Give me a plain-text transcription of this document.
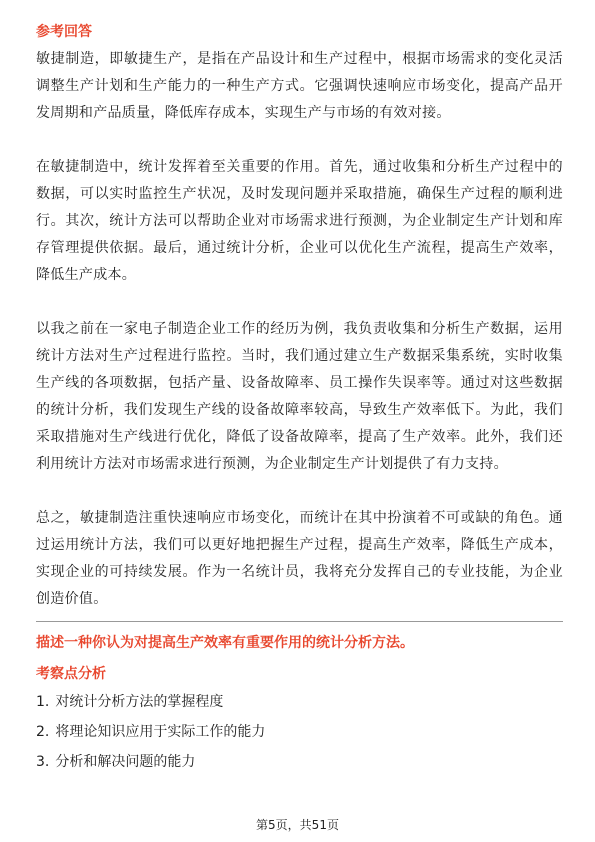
参考回答

敏捷制造，即敏捷生产，是指在产品设计和生产过程中，根据市场需求的变化灵活调整生产计划和生产能力的一种生产方式。它强调快速响应市场变化，提高产品开发周期和产品质量，降低库存成本，实现生产与市场的有效对接。

在敏捷制造中，统计发挥着至关重要的作用。首先，通过收集和分析生产过程中的数据，可以实时监控生产状况，及时发现问题并采取措施，确保生产过程的顺利进行。其次，统计方法可以帮助企业对市场需求进行预测，为企业制定生产计划和库存管理提供依据。最后，通过统计分析，企业可以优化生产流程，提高生产效率，降低生产成本。

以我之前在一家电子制造企业工作的经历为例，我负责收集和分析生产数据，运用统计方法对生产过程进行监控。当时，我们通过建立生产数据采集系统，实时收集生产线的各项数据，包括产量、设备故障率、员工操作失误率等。通过对这些数据的统计分析，我们发现生产线的设备故障率较高，导致生产效率低下。为此，我们采取措施对生产线进行优化，降低了设备故障率，提高了生产效率。此外，我们还利用统计方法对市场需求进行预测，为企业制定生产计划提供了有力支持。

总之，敏捷制造注重快速响应市场变化，而统计在其中扮演着不可或缺的角色。通过运用统计方法，我们可以更好地把握生产过程，提高生产效率，降低生产成本，实现企业的可持续发展。作为一名统计员，我将充分发挥自己的专业技能，为企业创造价值。

描述一种你认为对提高生产效率有重要作用的统计分析方法。
考察点分析
1. 对统计分析方法的掌握程度
2. 将理论知识应用于实际工作的能力
3. 分析和解决问题的能力
第5页，共51页
